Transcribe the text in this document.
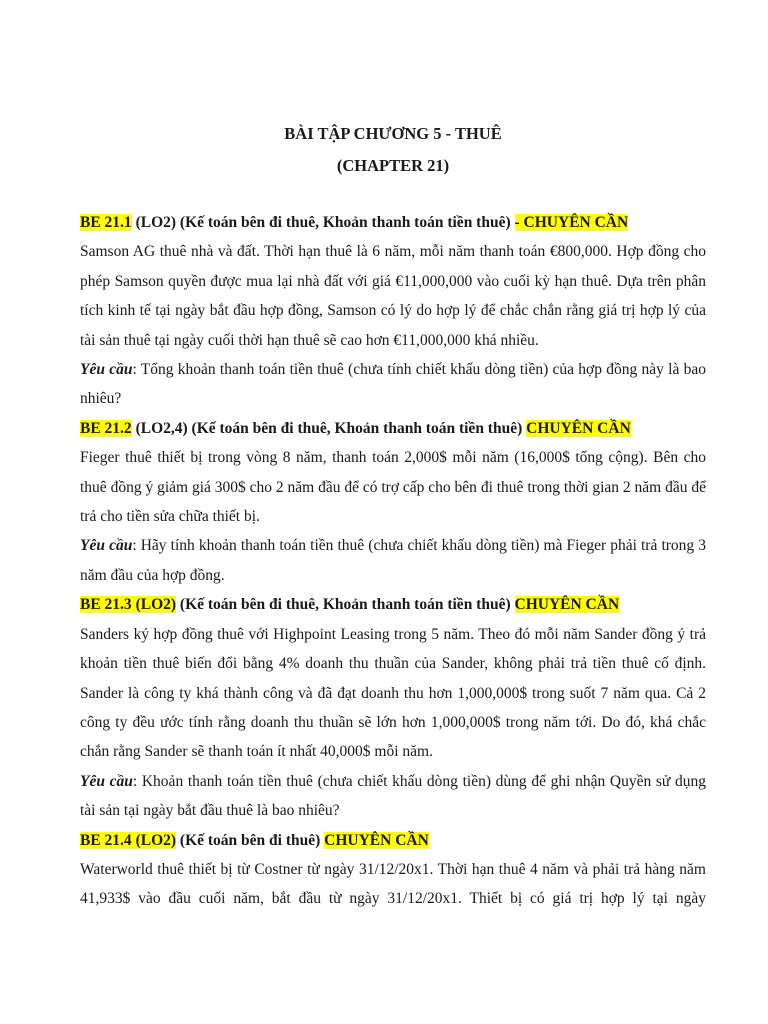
BÀI TẬP CHƯƠNG 5 - THUÊ

(CHAPTER 21)

BE 21.1 (LO2) (Kế toán bên đi thuê, Khoản thanh toán tiền thuê) - CHUYÊN CẦN

Samson AG thuê nhà và đất. Thời hạn thuê là 6 năm, mỗi năm thanh toán €800,000. Hợp đồng cho phép Samson quyền được mua lại nhà đất với giá €11,000,000 vào cuối kỳ hạn thuê. Dựa trên phân tích kinh tế tại ngày bắt đầu hợp đồng, Samson có lý do hợp lý để chắc chắn rằng giá trị hợp lý của tài sản thuê tại ngày cuối thời hạn thuê sẽ cao hơn €11,000,000 khá nhiều.

Yêu cầu: Tổng khoản thanh toán tiền thuê (chưa tính chiết khấu dòng tiền) của hợp đồng này là bao nhiêu?

BE 21.2 (LO2,4) (Kế toán bên đi thuê, Khoản thanh toán tiền thuê) CHUYÊN CẦN

Fieger thuê thiết bị trong vòng 8 năm, thanh toán 2,000$ mỗi năm (16,000$ tổng cộng). Bên cho thuê đồng ý giảm giá 300$ cho 2 năm đầu để có trợ cấp cho bên đi thuê trong thời gian 2 năm đầu để trả cho tiền sửa chữa thiết bị.

Yêu cầu: Hãy tính khoản thanh toán tiền thuê (chưa chiết khấu dòng tiền) mà Fieger phải trả trong 3 năm đầu của hợp đồng.

BE 21.3 (LO2) (Kế toán bên đi thuê, Khoản thanh toán tiền thuê) CHUYÊN CẦN

Sanders ký hợp đồng thuê với Highpoint Leasing trong 5 năm. Theo đó mỗi năm Sander đồng ý trả khoản tiền thuê biến đổi bằng 4% doanh thu thuần của Sander, không phải trả tiền thuê cố định. Sander là công ty khá thành công và đã đạt doanh thu hơn 1,000,000$ trong suốt 7 năm qua. Cả 2 công ty đều ước tính rằng doanh thu thuần sẽ lớn hơn 1,000,000$ trong năm tới. Do đó, khá chắc chắn rằng Sander sẽ thanh toán ít nhất 40,000$ mỗi năm.

Yêu cầu: Khoản thanh toán tiền thuê (chưa chiết khấu dòng tiền) dùng để ghi nhận Quyền sử dụng tài sản tại ngày bắt đầu thuê là bao nhiêu?

BE 21.4 (LO2) (Kế toán bên đi thuê) CHUYÊN CẦN

Waterworld thuê thiết bị từ Costner từ ngày 31/12/20x1. Thời hạn thuê 4 năm và phải trả hàng năm 41,933$ vào đầu cuối năm, bắt đầu từ ngày 31/12/20x1. Thiết bị có giá trị hợp lý tại ngày
